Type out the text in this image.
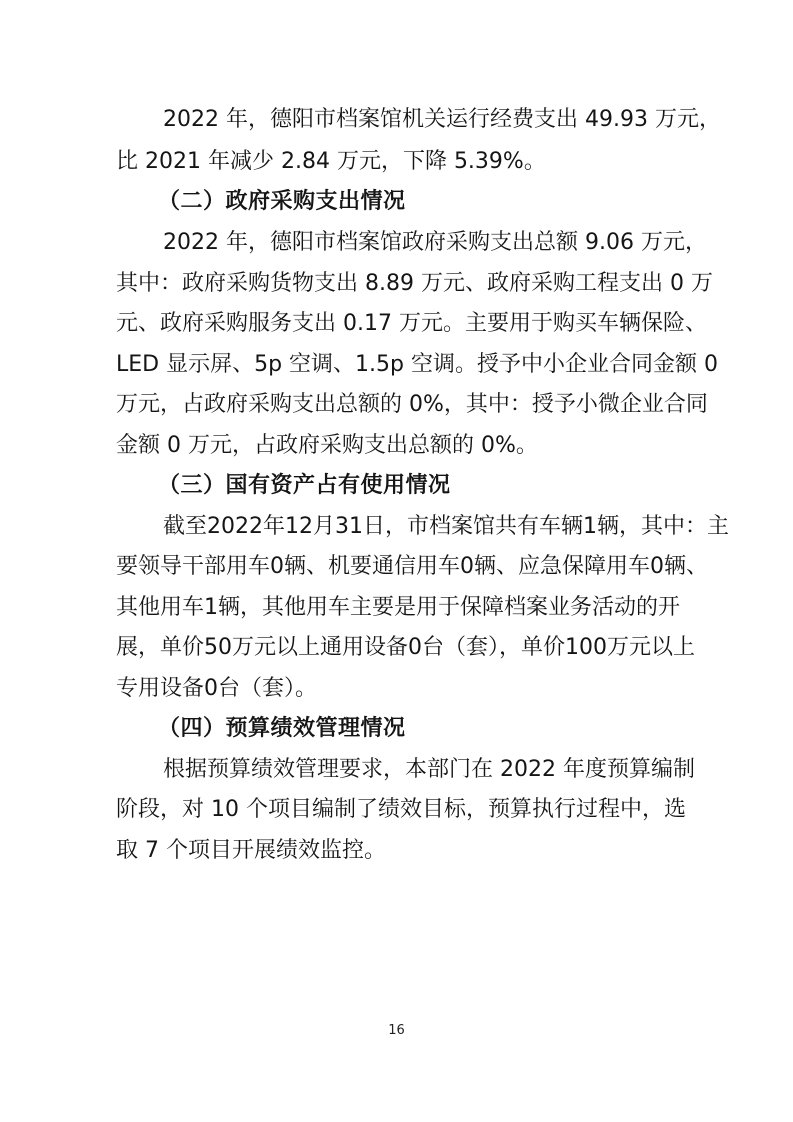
2022 年，德阳市档案馆机关运行经费支出 49.93 万元，
比 2021 年减少 2.84 万元，下降 5.39%。
（二）政府采购支出情况
2022 年，德阳市档案馆政府采购支出总额 9.06 万元，
其中：政府采购货物支出 8.89 万元、政府采购工程支出 0 万
元、政府采购服务支出 0.17 万元。主要用于购买车辆保险、
LED 显示屏、5p 空调、1.5p 空调。授予中小企业合同金额 0
万元，占政府采购支出总额的 0%，其中：授予小微企业合同
金额 0 万元，占政府采购支出总额的 0%。
（三）国有资产占有使用情况
截至2022年12月31日，市档案馆共有车辆1辆，其中：主
要领导干部用车0辆、机要通信用车0辆、应急保障用车0辆、
其他用车1辆，其他用车主要是用于保障档案业务活动的开
展，单价50万元以上通用设备0台（套），单价100万元以上
专用设备0台（套）。
（四）预算绩效管理情况
根据预算绩效管理要求，本部门在 2022 年度预算编制
阶段，对 10 个项目编制了绩效目标，预算执行过程中，选
取 7 个项目开展绩效监控。
16
